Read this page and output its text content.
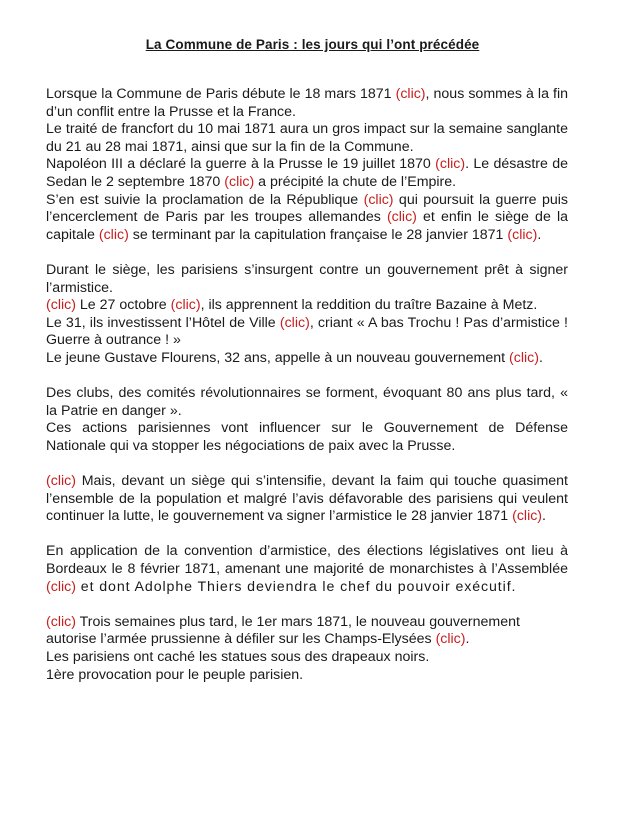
La Commune de Paris : les jours qui l’ont précédée

Lorsque la Commune de Paris débute le 18 mars 1871 (clic), nous sommes à la fin d’un conflit entre la Prusse et la France.
Le traité de francfort du 10 mai 1871 aura un gros impact sur la semaine sanglante du 21 au 28 mai 1871, ainsi que sur la fin de la Commune.
Napoléon III a déclaré la guerre à la Prusse le 19 juillet 1870 (clic). Le désastre de Sedan le 2 septembre 1870 (clic) a précipité la chute de l’Empire.
S’en est suivie la proclamation de la République (clic) qui poursuit la guerre puis l’encerclement de Paris par les troupes allemandes (clic) et enfin le siège de la capitale (clic) se terminant par la capitulation française le 28 janvier 1871 (clic).

Durant le siège, les parisiens s’insurgent contre un gouvernement prêt à signer l’armistice.
(clic) Le 27 octobre (clic), ils apprennent la reddition du traître Bazaine à Metz.
Le 31, ils investissent l’Hôtel de Ville (clic), criant « A bas Trochu ! Pas d’armistice ! Guerre à outrance ! »
Le jeune Gustave Flourens, 32 ans, appelle à un nouveau gouvernement (clic).

Des clubs, des comités révolutionnaires se forment, évoquant 80 ans plus tard, « la Patrie en danger ».
Ces actions parisiennes vont influencer sur le Gouvernement de Défense Nationale qui va stopper les négociations de paix avec la Prusse.

(clic) Mais, devant un siège qui s’intensifie, devant la faim qui touche quasiment l’ensemble de la population et malgré l’avis défavorable des parisiens qui veulent continuer la lutte, le gouvernement va signer l’armistice le 28 janvier 1871 (clic).

En application de la convention d’armistice, des élections législatives ont lieu à Bordeaux le 8 février 1871, amenant une majorité de monarchistes à l’Assemblée (clic) et dont Adolphe Thiers deviendra le chef du pouvoir exécutif.

(clic) Trois semaines plus tard, le 1er mars 1871, le nouveau gouvernement autorise l’armée prussienne à défiler sur les Champs-Elysées (clic).
Les parisiens ont caché les statues sous des drapeaux noirs.
1ère provocation pour le peuple parisien.
